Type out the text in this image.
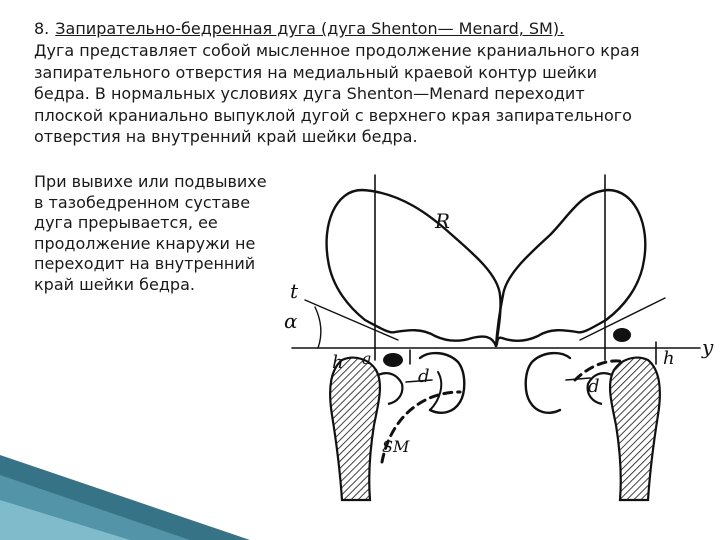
8. Запирательно-бедренная дуга (дуга Shenton— Menard, SM).
Дуга представляет собой мысленное продолжение краниального края
запирательного отверстия на медиальный краевой контур шейки
бедра. В нормальных условиях дуга Shenton—Menard переходит
плоской краниально выпуклой дугой с верхнего края запирательного
отверстия на внутренний край шейки бедра.
При вывихе или подвывихе
в тазобедренном суставе
дуга прерывается, ее
продолжение кнаружи не
переходит на внутренний
край шейки бедра.
R
t
α
h a
d
SM
d
h y
